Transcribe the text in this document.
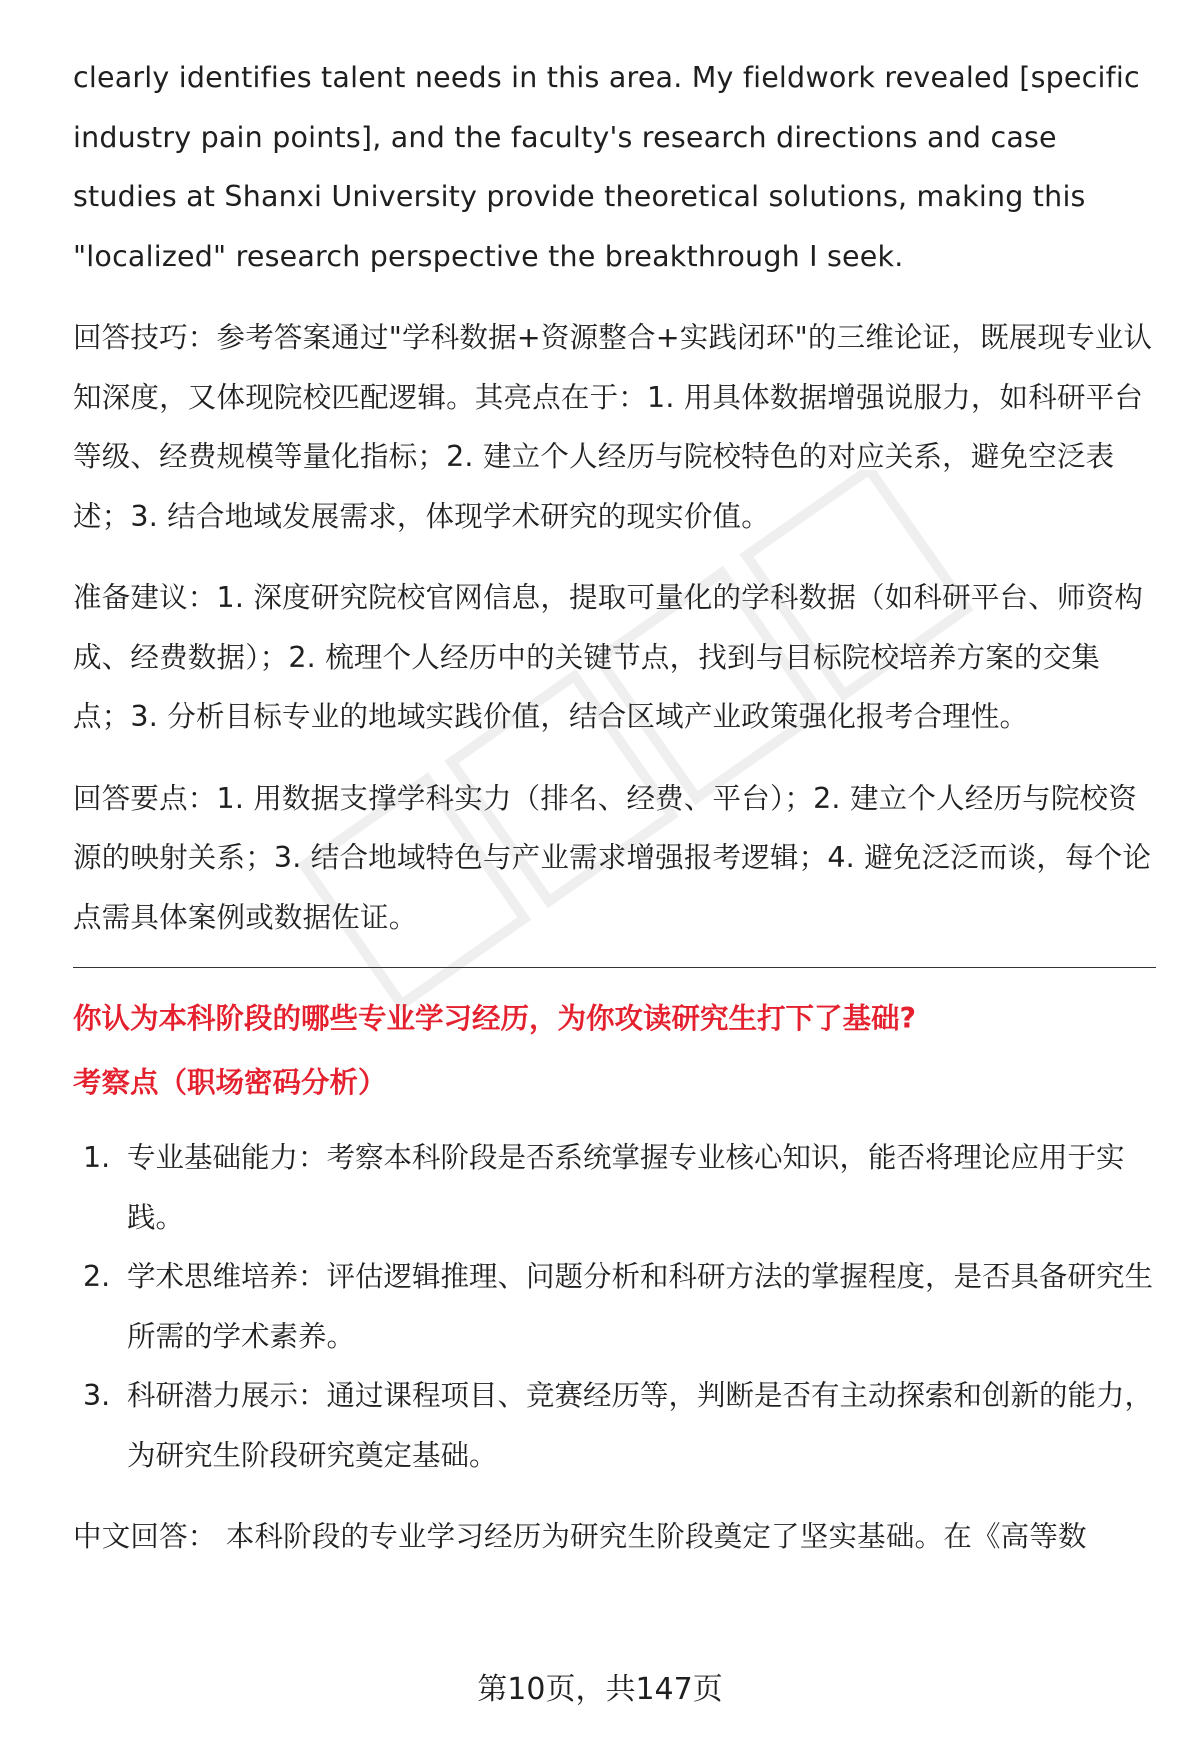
clearly identifies talent needs in this area. My fieldwork revealed [specific industry pain points], and the faculty's research directions and case studies at Shanxi University provide theoretical solutions, making this "localized" research perspective the breakthrough I seek.

回答技巧：参考答案通过"学科数据+资源整合+实践闭环"的三维论证，既展现专业认知深度，又体现院校匹配逻辑。其亮点在于：1. 用具体数据增强说服力，如科研平台等级、经费规模等量化指标；2. 建立个人经历与院校特色的对应关系，避免空泛表述；3. 结合地域发展需求，体现学术研究的现实价值。

准备建议：1. 深度研究院校官网信息，提取可量化的学科数据（如科研平台、师资构成、经费数据）；2. 梳理个人经历中的关键节点，找到与目标院校培养方案的交集点；3. 分析目标专业的地域实践价值，结合区域产业政策强化报考合理性。

回答要点：1. 用数据支撑学科实力（排名、经费、平台）；2. 建立个人经历与院校资源的映射关系；3. 结合地域特色与产业需求增强报考逻辑；4. 避免泛泛而谈，每个论点需具体案例或数据佐证。

你认为本科阶段的哪些专业学习经历，为你攻读研究生打下了基础?
考察点（职场密码分析）
1. 专业基础能力：考察本科阶段是否系统掌握专业核心知识，能否将理论应用于实践。
2. 学术思维培养：评估逻辑推理、问题分析和科研方法的掌握程度，是否具备研究生所需的学术素养。
3. 科研潜力展示：通过课程项目、竞赛经历等，判断是否有主动探索和创新的能力，为研究生阶段研究奠定基础。

中文回答： 本科阶段的专业学习经历为研究生阶段奠定了坚实基础。在《高等数

第10页，共147页
